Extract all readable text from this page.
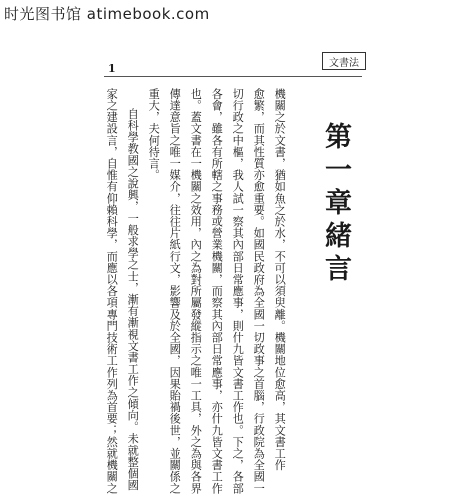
时光图书馆 atimebook.com
1	文書法
第一章緒言
機關之於文書，猶如魚之於水，不可以須臾離。機關地位愈高，其文書工作
愈繁，而其性質亦愈重要。如國民政府為全國一切政事之首腦，行政院為全國一
切行政之中樞，我人試一察其內部日常應事，則什九皆文書工作也。下之，各部
各會，雖各有所轄之事務或營業機關，而察其內部日常應事，亦什九皆文書工作
也。蓋文書在一機關之效用，內之為對所屬發縱指示之唯一工具，外之為與各界
傳達意旨之唯一媒介，往往片紙行文，影響及於全國，因果貽禍後世，並關係之
重大，夫何待言。
自科學教國之說興，一般求學之士，漸有漸視文書工作之傾向。未就整個國
家之建設言，自惟有仰賴科學，而應以各項專門技術工作列為首要；然就機關之
